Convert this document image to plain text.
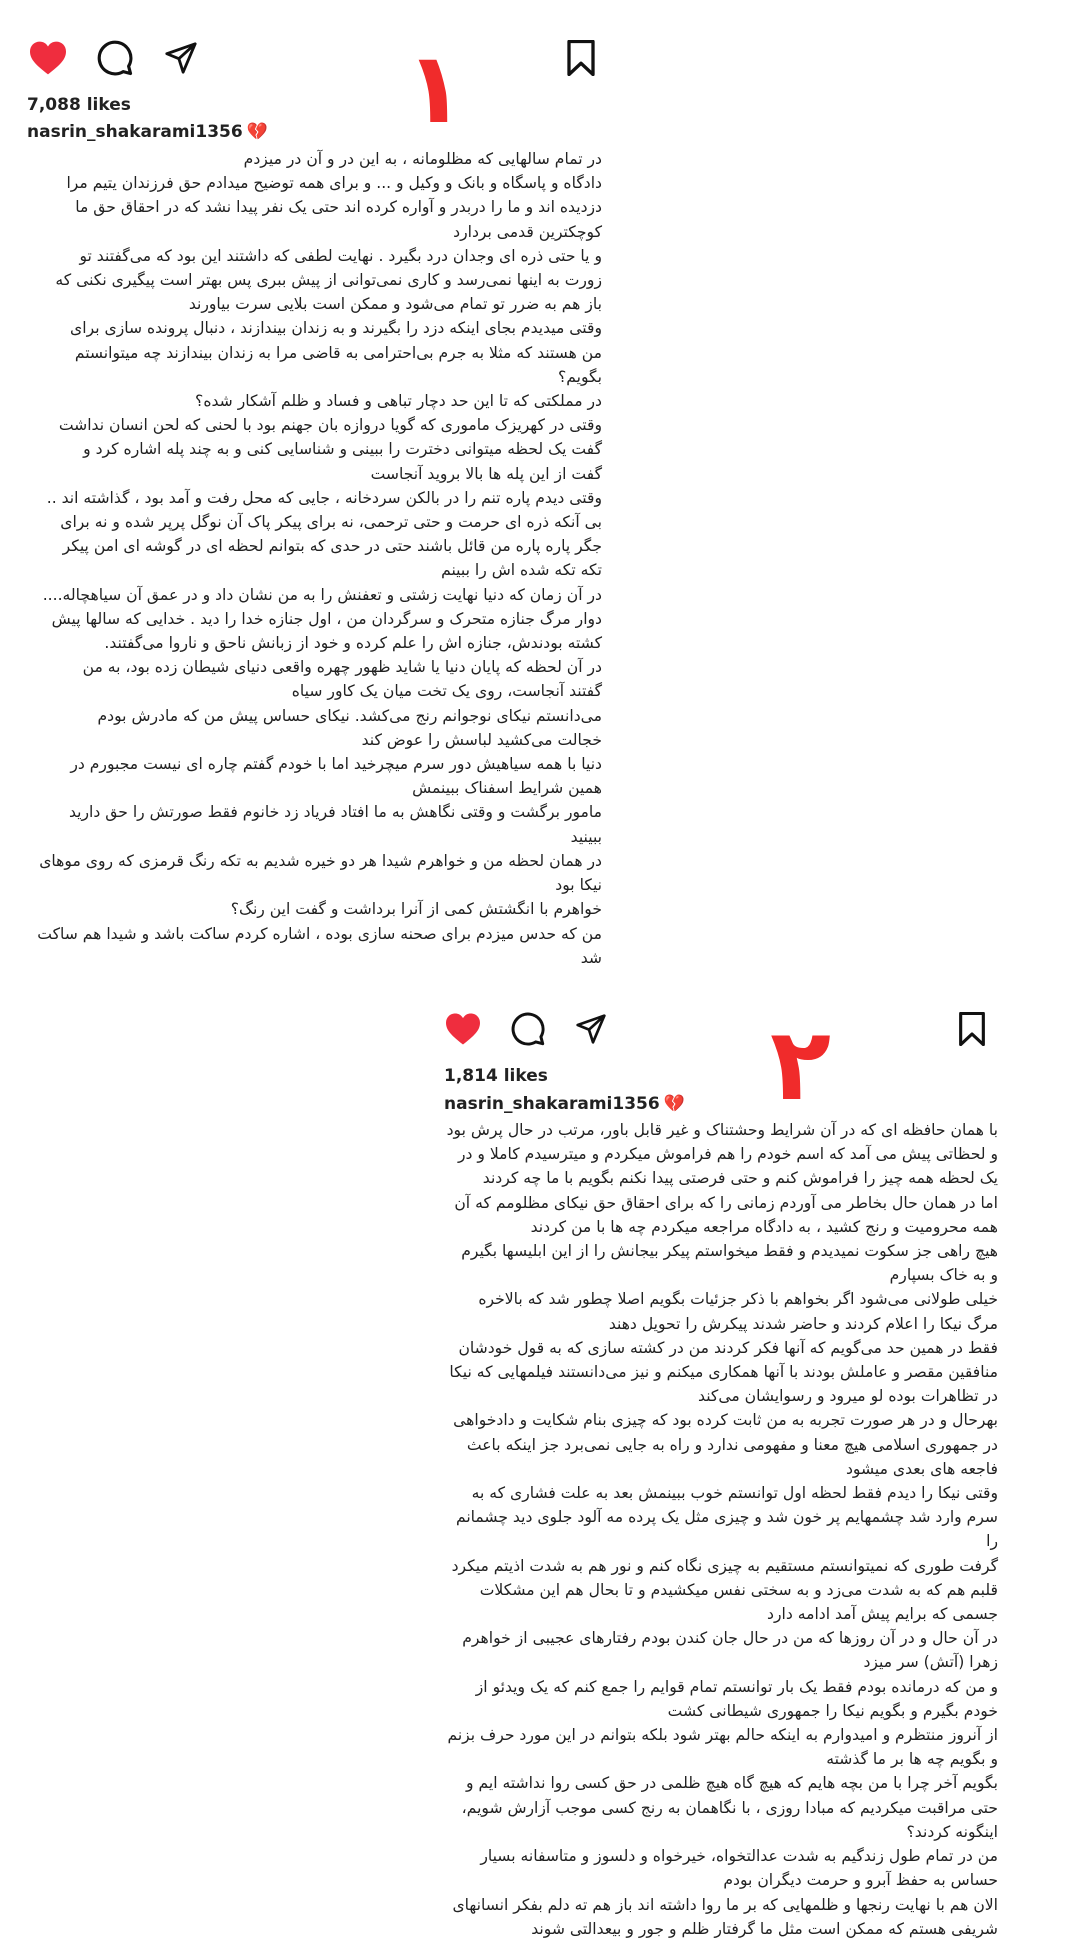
۱
7,088 likes
nasrin_shakarami1356 💔

در تمام سالهایی که مظلومانه ، به این در و آن در میزدم

دادگاه و پاسگاه و بانک و وکیل و ... و برای همه توضیح میدادم حق فرزندان یتیم مرا

دزدیده اند و ما را دربدر و آواره کرده اند حتی یک نفر پیدا نشد که در احقاق حق ما

کوچکترین قدمی بردارد

و یا حتی ذره ای وجدان درد بگیرد . نهایت لطفی که داشتند این بود که می‌گفتند تو

زورت به اینها نمی‌رسد و کاری نمی‌توانی از پیش ببری پس بهتر است پیگیری نکنی که

باز هم به ضرر تو تمام می‌شود و ممکن است بلایی سرت بیاورند

وقتی میدیدم بجای اینکه دزد را بگیرند و به زندان بیندازند ، دنبال پرونده سازی برای

من هستند که مثلا به جرم بی‌احترامی به قاضی مرا به زندان بیندازند چه میتوانستم

بگویم؟

در مملکتی که تا این حد دچار تباهی و فساد و ظلم آشکار شده؟

وقتی در کهریزک ماموری که گویا دروازه بان جهنم بود با لحنی که لحن انسان نداشت

گفت یک لحظه میتوانی دخترت را ببینی و شناسایی کنی و به چند پله اشاره کرد و

گفت از این پله ها بالا بروید آنجاست

وقتی دیدم پاره تنم را در بالکن سردخانه ، جایی که محل رفت و آمد بود ، گذاشته اند ..

بی آنکه ذره ای حرمت و حتی ترحمی، نه برای پیکر پاک آن نوگل پرپر شده و نه برای

جگر پاره پاره من قائل باشند حتی در حدی که بتوانم لحظه ای در گوشه ای امن پیکر

تکه تکه شده اش را ببینم

در آن زمان که دنیا نهایت زشتی و تعفنش را به من نشان داد و در عمق آن سیاهچاله....

دوار مرگ جنازه متحرک و سرگردان من ، اول جنازه خدا را دید . خدایی که سالها پیش

کشته بودندش، جنازه اش را علم کرده و خود از زبانش ناحق و ناروا می‌گفتند.

در آن لحظه که پایان دنیا یا شاید ظهور چهره واقعی دنیای شیطان زده بود، به من

گفتند آنجاست، روی یک تخت میان یک کاور سیاه

می‌دانستم نیکای نوجوانم رنج می‌کشد. نیکای حساس پیش من که مادرش بودم

خجالت می‌کشید لباسش را عوض کند

دنیا با همه سیاهیش دور سرم میچرخید اما با خودم گفتم چاره ای نیست مجبورم در

همین شرایط اسفناک ببینمش

مامور برگشت و وقتی نگاهش به ما افتاد فریاد زد خانوم فقط صورتش را حق دارید

ببینید

در همان لحظه من و خواهرم شیدا هر دو خیره شدیم به تکه رنگ قرمزی که روی موهای

نیکا بود

خواهرم با انگشتش کمی از آنرا برداشت و گفت این رنگ؟

من که حدس میزدم برای صحنه سازی بوده ، اشاره کردم ساکت باشد و شیدا هم ساکت

شد

۲
1,814 likes
nasrin_shakarami1356 💔

با همان حافظه ای که در آن شرایط وحشتناک و غیر قابل باور، مرتب در حال پرش بود

و لحظاتی پیش می آمد که اسم خودم را هم فراموش میکردم و میترسیدم کاملا و در

یک لحظه همه چیز را فراموش کنم و حتی فرصتی پیدا نکنم بگویم با ما چه کردند

اما در همان حال بخاطر می آوردم زمانی را که برای احقاق حق نیکای مظلومم که آن

همه محرومیت و رنج کشید ، به دادگاه مراجعه میکردم چه ها با من کردند

هیچ راهی جز سکوت نمیدیدم و فقط میخواستم پیکر بیجانش را از این ابلیسها بگیرم

و به خاک بسپارم

خیلی طولانی می‌شود اگر بخواهم با ذکر جزئیات بگویم اصلا چطور شد که بالاخره

مرگ نیکا را اعلام کردند و حاضر شدند پیکرش را تحویل دهند

فقط در همین حد می‌گویم که آنها فکر کردند من در کشته سازی که به قول خودشان

منافقین مقصر و عاملش بودند با آنها همکاری میکنم و نیز می‌دانستند فیلمهایی که نیکا

در تظاهرات بوده لو میرود و رسوایشان می‌کند

بهرحال و در هر صورت تجربه به من ثابت کرده بود که چیزی بنام شکایت و دادخواهی

در جمهوری اسلامی هیچ معنا و مفهومی ندارد و راه به جایی نمی‌برد جز اینکه باعث

فاجعه های بعدی میشود

وقتی نیکا را دیدم فقط لحظه اول توانستم خوب ببینمش بعد به علت فشاری که به

سرم وارد شد چشمهایم پر خون شد و چیزی مثل یک پرده مه آلود جلوی دید چشمانم را

گرفت طوری که نمیتوانستم مستقیم به چیزی نگاه کنم و نور هم به شدت اذیتم میکرد

قلبم هم که به شدت می‌زد و به سختی نفس میکشیدم و تا بحال هم این مشکلات

جسمی که برایم پیش آمد ادامه دارد

در آن حال و در آن روزها که من در حال جان کندن بودم رفتارهای عجیبی از خواهرم

زهرا (آتش) سر میزد

و من که درمانده بودم فقط یک بار توانستم تمام قوایم را جمع کنم که یک ویدئو از

خودم بگیرم و بگویم نیکا را جمهوری شیطانی کشت

از آنروز منتظرم و امیدوارم به اینکه حالم بهتر شود بلکه بتوانم در این مورد حرف بزنم

و بگویم چه ها بر ما گذشته

بگویم آخر چرا با من بچه هایم که هیچ گاه هیچ ظلمی در حق کسی روا نداشته ایم و

حتی مراقبت میکردیم که مبادا روزی ، با نگاهمان به رنج کسی موجب آزارش شویم،

اینگونه کردند؟

من در تمام طول زندگیم به شدت عدالتخواه، خیرخواه و دلسوز و متاسفانه بسیار

حساس به حفظ آبرو و حرمت دیگران بودم

الان هم با نهایت رنجها و ظلمهایی که بر ما روا داشته اند باز هم ته دلم بفکر انسانهای

شریفی هستم که ممکن است مثل ما گرفتار ظلم و جور و بیعدالتی شوند
